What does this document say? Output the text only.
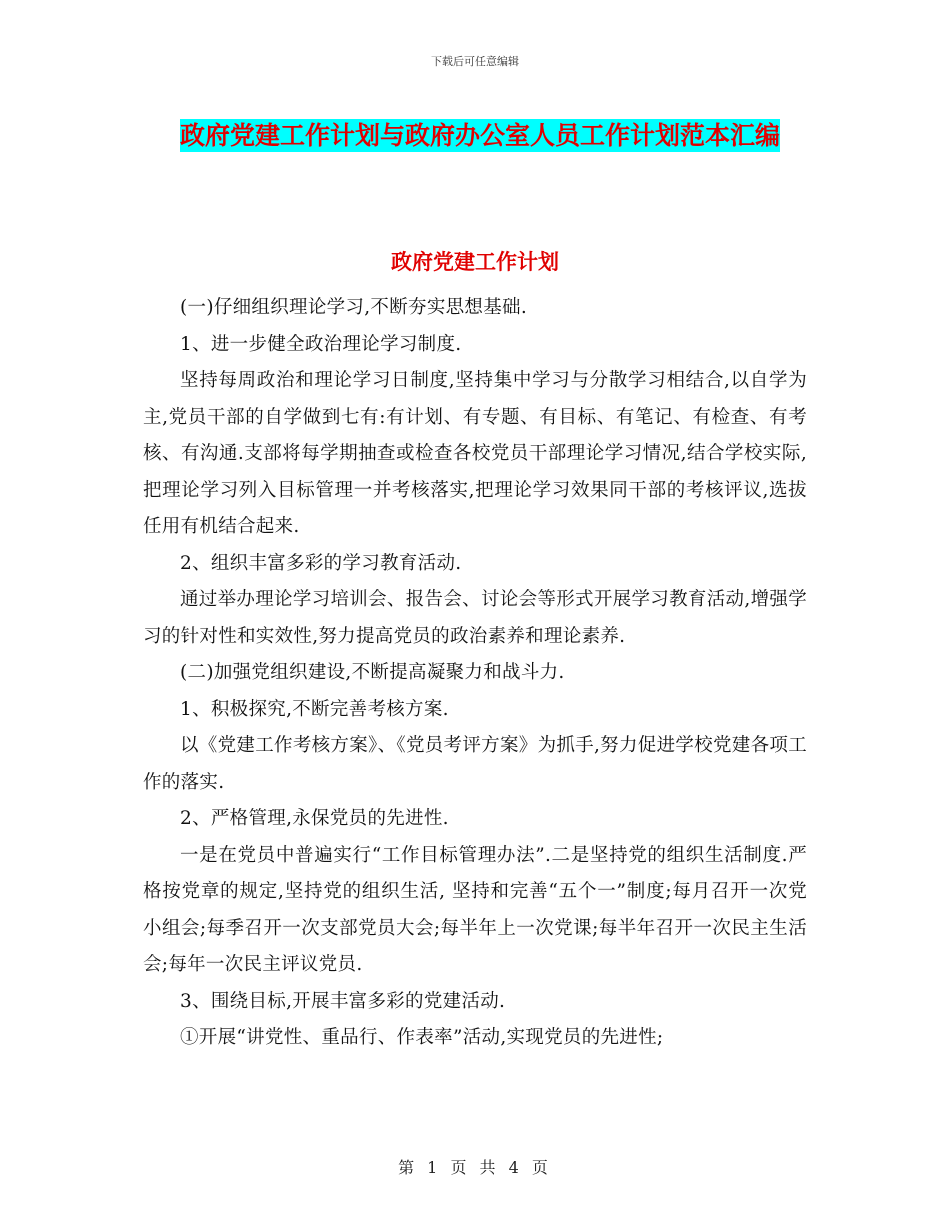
下载后可任意编辑
政府党建工作计划与政府办公室人员工作计划范本汇编
政府党建工作计划

(一)仔细组织理论学习,不断夯实思想基础.

1、进一步健全政治理论学习制度.

坚持每周政治和理论学习日制度,坚持集中学习与分散学习相结合,以自学为主,党员干部的自学做到七有:有计划、有专题、有目标、有笔记、有检查、有考核、有沟通.支部将每学期抽查或检查各校党员干部理论学习情况,结合学校实际,把理论学习列入目标管理一并考核落实,把理论学习效果同干部的考核评议,选拔任用有机结合起来.

2、组织丰富多彩的学习教育活动.

通过举办理论学习培训会、报告会、讨论会等形式开展学习教育活动,增强学习的针对性和实效性,努力提高党员的政治素养和理论素养.

(二)加强党组织建设,不断提高凝聚力和战斗力.

1、积极探究,不断完善考核方案.

以《党建工作考核方案》、《党员考评方案》为抓手,努力促进学校党建各项工作的落实.

2、严格管理,永保党员的先进性.

一是在党员中普遍实行“工作目标管理办法”.二是坚持党的组织生活制度.严格按党章的规定,坚持党的组织生活, 坚持和完善“五个一”制度;每月召开一次党小组会;每季召开一次支部党员大会;每半年上一次党课;每半年召开一次民主生活会;每年一次民主评议党员.

3、围绕目标,开展丰富多彩的党建活动.

①开展“讲党性、重品行、作表率”活动,实现党员的先进性;

第 1 页 共 4 页
